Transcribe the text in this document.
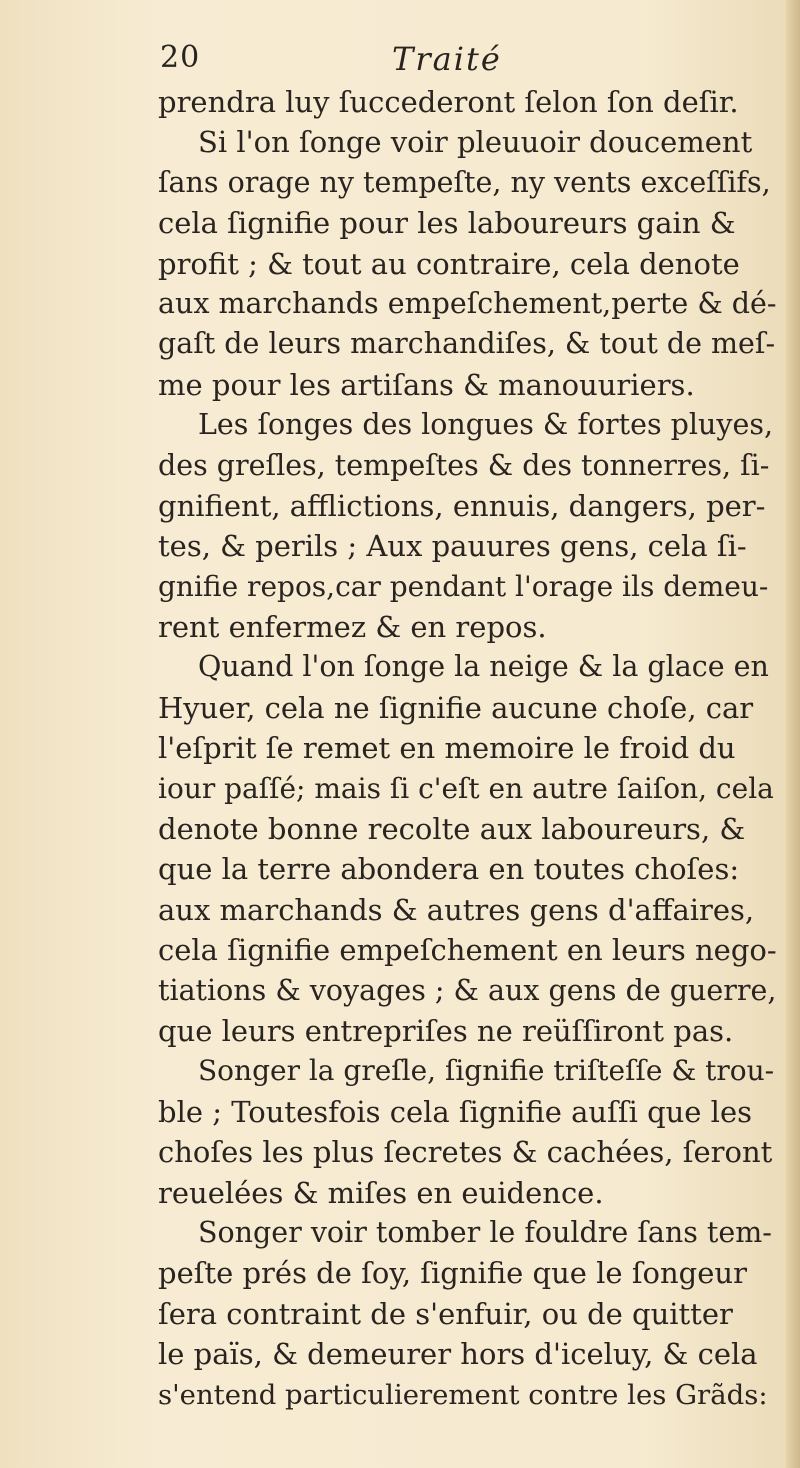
20	Traité
prendra luy ſuccederont ſelon ſon deſir.
Si l'on ſonge voir pleuuoir doucement
ſans orage ny tempeſte, ny vents exceſſifs,
cela ſignifie pour les laboureurs gain &
profit ; & tout au contraire, cela denote
aux marchands empeſchement,perte & dé-
gaſt de leurs marchandiſes, & tout de meſ-
me pour les artiſans & manouuriers.
Les ſonges des longues & fortes pluyes,
des greſles, tempeſtes & des tonnerres, ſi-
gnifient, afflictions, ennuis, dangers, per-
tes, & perils ; Aux pauures gens, cela ſi-
gnifie repos,car pendant l'orage ils demeu-
rent enfermez & en repos.
Quand l'on ſonge la neige & la glace en
Hyuer, cela ne ſignifie aucune choſe, car
l'eſprit ſe remet en memoire le froid du
iour paſſé; mais ſi c'eſt en autre ſaiſon, cela
denote bonne recolte aux laboureurs, &
que la terre abondera en toutes choſes:
aux marchands & autres gens d'affaires,
cela ſignifie empeſchement en leurs nego-
tiations & voyages ; & aux gens de guerre,
que leurs entrepriſes ne reüſſiront pas.
Songer la greſle, ſignifie triſteſſe & trou-
ble ; Toutesfois cela ſignifie auſſi que les
choſes les plus ſecretes & cachées, ſeront
reuelées & miſes en euidence.
Songer voir tomber le fouldre ſans tem-
peſte prés de ſoy, ſignifie que le ſongeur
ſera contraint de s'enfuir, ou de quitter
le païs, & demeurer hors d'iceluy, & cela
s'entend particulierement contre les Grãds:
